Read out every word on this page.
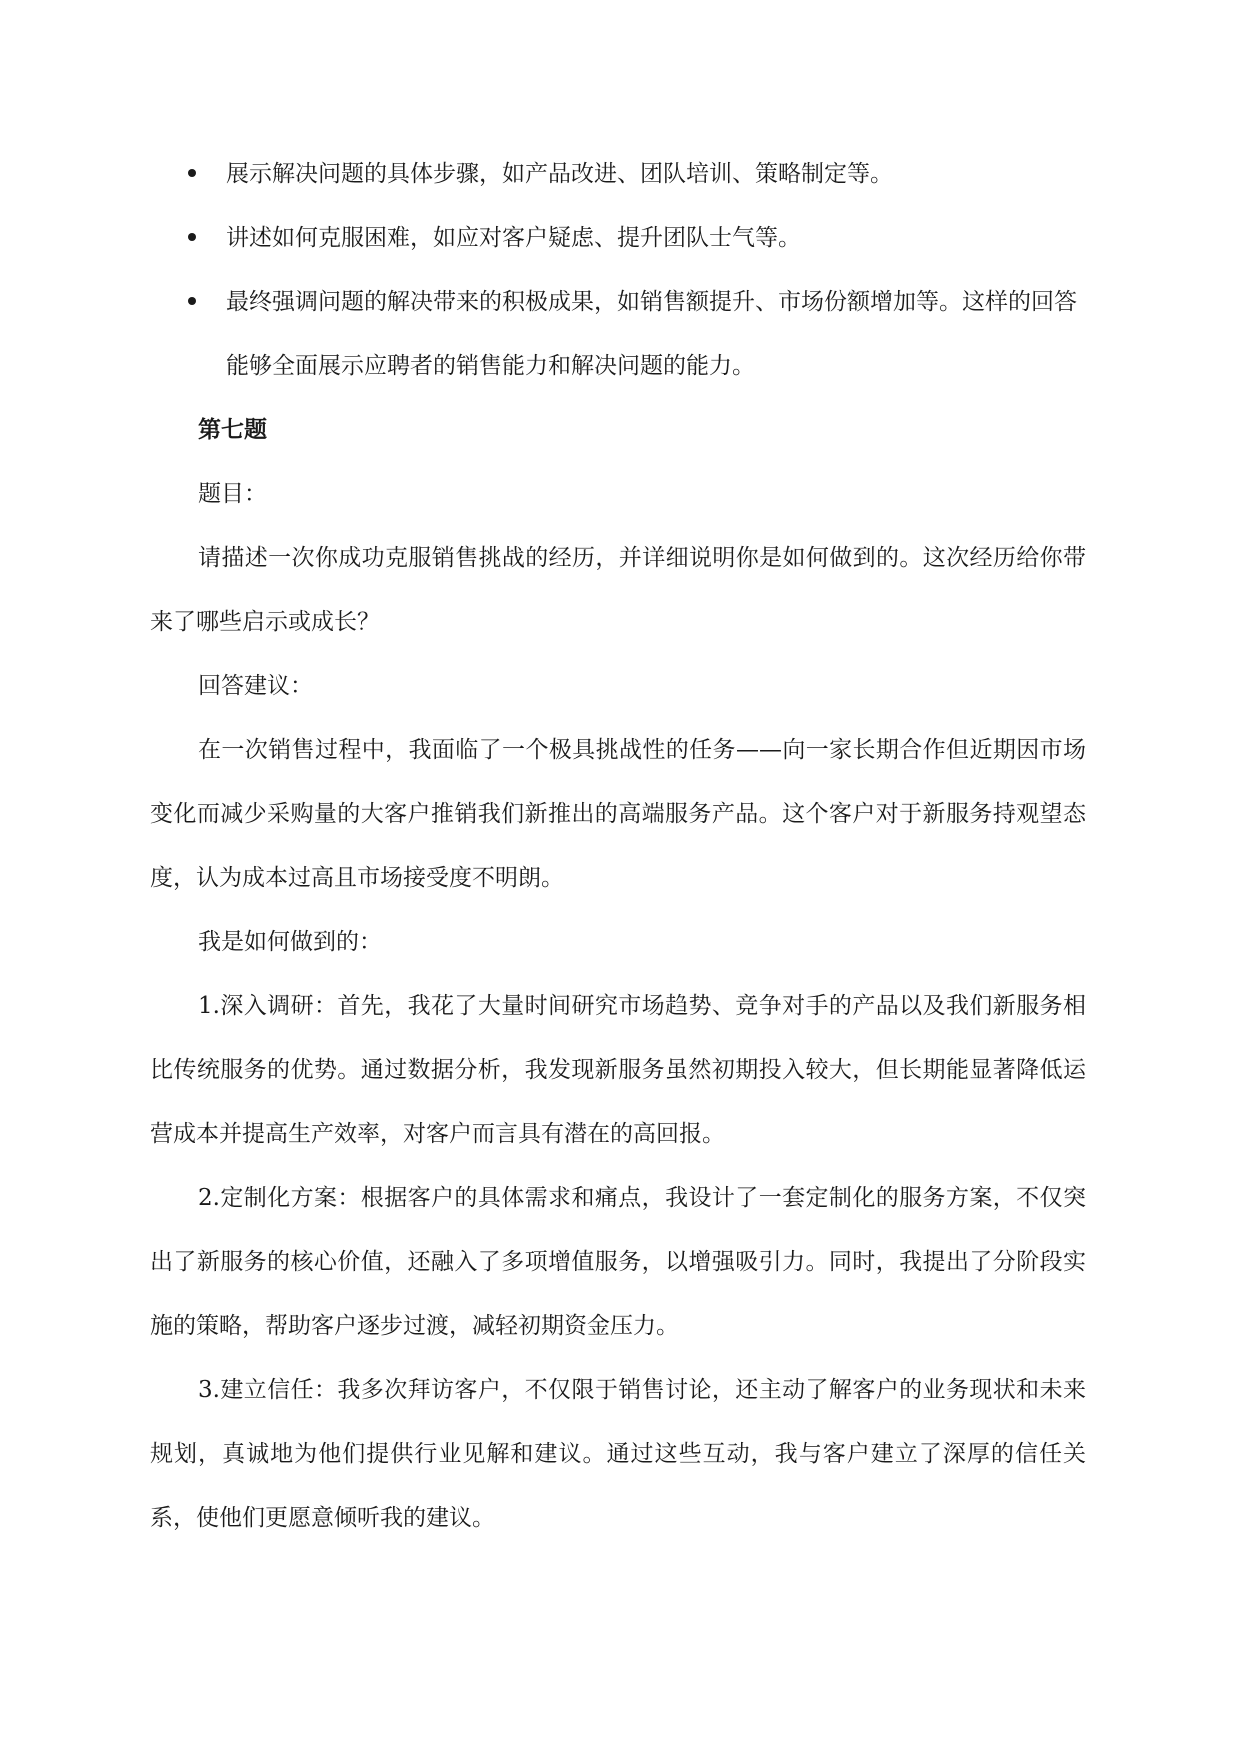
展示解决问题的具体步骤，如产品改进、团队培训、策略制定等。
讲述如何克服困难，如应对客户疑虑、提升团队士气等。
最终强调问题的解决带来的积极成果，如销售额提升、市场份额增加等。这样的回答能够全面展示应聘者的销售能力和解决问题的能力。

第七题

题目：

请描述一次你成功克服销售挑战的经历，并详细说明你是如何做到的。这次经历给你带来了哪些启示或成长？

回答建议：

在一次销售过程中，我面临了一个极具挑战性的任务——向一家长期合作但近期因市场变化而减少采购量的大客户推销我们新推出的高端服务产品。这个客户对于新服务持观望态度，认为成本过高且市场接受度不明朗。

我是如何做到的：

1.深入调研：首先，我花了大量时间研究市场趋势、竞争对手的产品以及我们新服务相比传统服务的优势。通过数据分析，我发现新服务虽然初期投入较大，但长期能显著降低运营成本并提高生产效率，对客户而言具有潜在的高回报。

2.定制化方案：根据客户的具体需求和痛点，我设计了一套定制化的服务方案，不仅突出了新服务的核心价值，还融入了多项增值服务，以增强吸引力。同时，我提出了分阶段实施的策略，帮助客户逐步过渡，减轻初期资金压力。

3.建立信任：我多次拜访客户，不仅限于销售讨论，还主动了解客户的业务现状和未来规划，真诚地为他们提供行业见解和建议。通过这些互动，我与客户建立了深厚的信任关系，使他们更愿意倾听我的建议。
